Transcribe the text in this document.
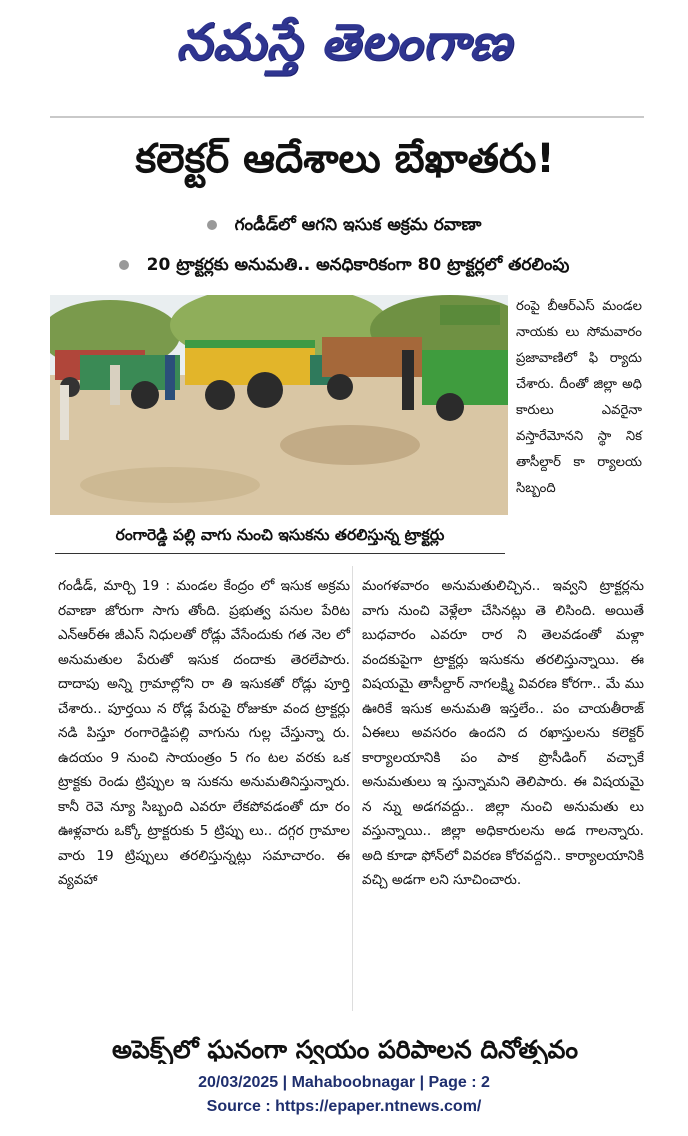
నమస్తే తెలంగాణ
కలెక్టర్ ఆదేశాలు బేఖాతరు!
గండీడ్‌లో ఆగని ఇసుక అక్రమ రవాణా
20 ట్రాక్టర్లకు అనుమతి.. అనధికారికంగా 80 ట్రాక్టర్లలో తరలింపు
రంగారెడ్డి పల్లి వాగు నుంచి ఇసుకను తరలిస్తున్న ట్రాక్టర్లు

రంపై బీఆర్‌ఎస్ మండల నాయకు లు సోమవారం ప్రజావాణిలో ఫి ర్యాదు చేశారు. దీంతో జిల్లా అధి కారులు ఎవరైనా వస్తారేమోనని స్థా నిక తాసీల్దార్ కా ర్యాలయ సిబ్బంది

గండీడ్, మార్చి 19 : మండల కేంద్రం లో ఇసుక అక్రమ రవాణా జోరుగా సాగు తోంది. ప్రభుత్వ పనుల పేరిట ఎన్‌ఆర్‌ఈ జీఎస్ నిధులతో రోడ్లు వేసేందుకు గత నెల లో అనుమతుల పేరుతో ఇసుక దందాకు తెరలేపారు. దాదాపు అన్ని గ్రామాల్లోని రా తి ఇసుకతో రోడ్లు పూర్తి చేశారు.. పూర్తయి న రోడ్ల పేరుపై రోజుకూ వంద ట్రాక్టర్లు నడి పిస్తూ రంగారెడ్డిపల్లి వాగును గుల్ల చేస్తున్నా రు. ఉదయం 9 నుంచి సాయంత్రం 5 గం టల వరకు ఒక ట్రాక్టకు రెండు ట్రిప్పుల ఇ సుకను అనుమతినిస్తున్నారు. కానీ రెవె న్యూ సిబ్బంది ఎవరూ లేకపోవడంతో దూ రం ఊళ్లవారు ఒక్కో ట్రాక్టరుకు 5 ట్రిప్పు లు.. దగ్గర గ్రామాల వారు 19 ట్రిప్పులు తరలిస్తున్నట్లు సమాచారం. ఈ వ్యవహా

మంగళవారం అనుమతులిచ్చిన.. ఇవ్వని ట్రాక్టర్లను వాగు నుంచి వెళ్లేలా చేసినట్లు తె లిసింది. అయితే బుధవారం ఎవరూ రార ని తెలవడంతో మళ్లా వందకుపైగా ట్రాక్టర్లు ఇసుకను తరలిస్తున్నాయి. ఈ విషయమై తాసీల్దార్ నాగలక్ష్మి వివరణ కోరగా.. మే ము ఊరికే ఇసుక అనుమతి ఇస్తలేం.. పం చాయతీరాజ్ ఏఈలు అవసరం ఉందని ద రఖాస్తులను కలెక్టర్ కార్యాలయానికి పం పాక ప్రొసీడింగ్ వచ్చాకే అనుమతులు ఇ స్తున్నామని తెలిపారు. ఈ విషయమై న న్ను అడగవద్దు.. జిల్లా నుంచి అనుమతు లు వస్తున్నాయి.. జిల్లా అధికారులను అడ గాలన్నారు. అది కూడా ఫోన్‌లో వివరణ కోరవద్దని.. కార్యాలయానికి వచ్చి అడగా లని సూచించారు.

అపెక్స్‌లో ఘనంగా స్వయం పరిపాలన దినోత్సవం
20/03/2025 | Mahaboobnagar | Page : 2
Source : https://epaper.ntnews.com/
